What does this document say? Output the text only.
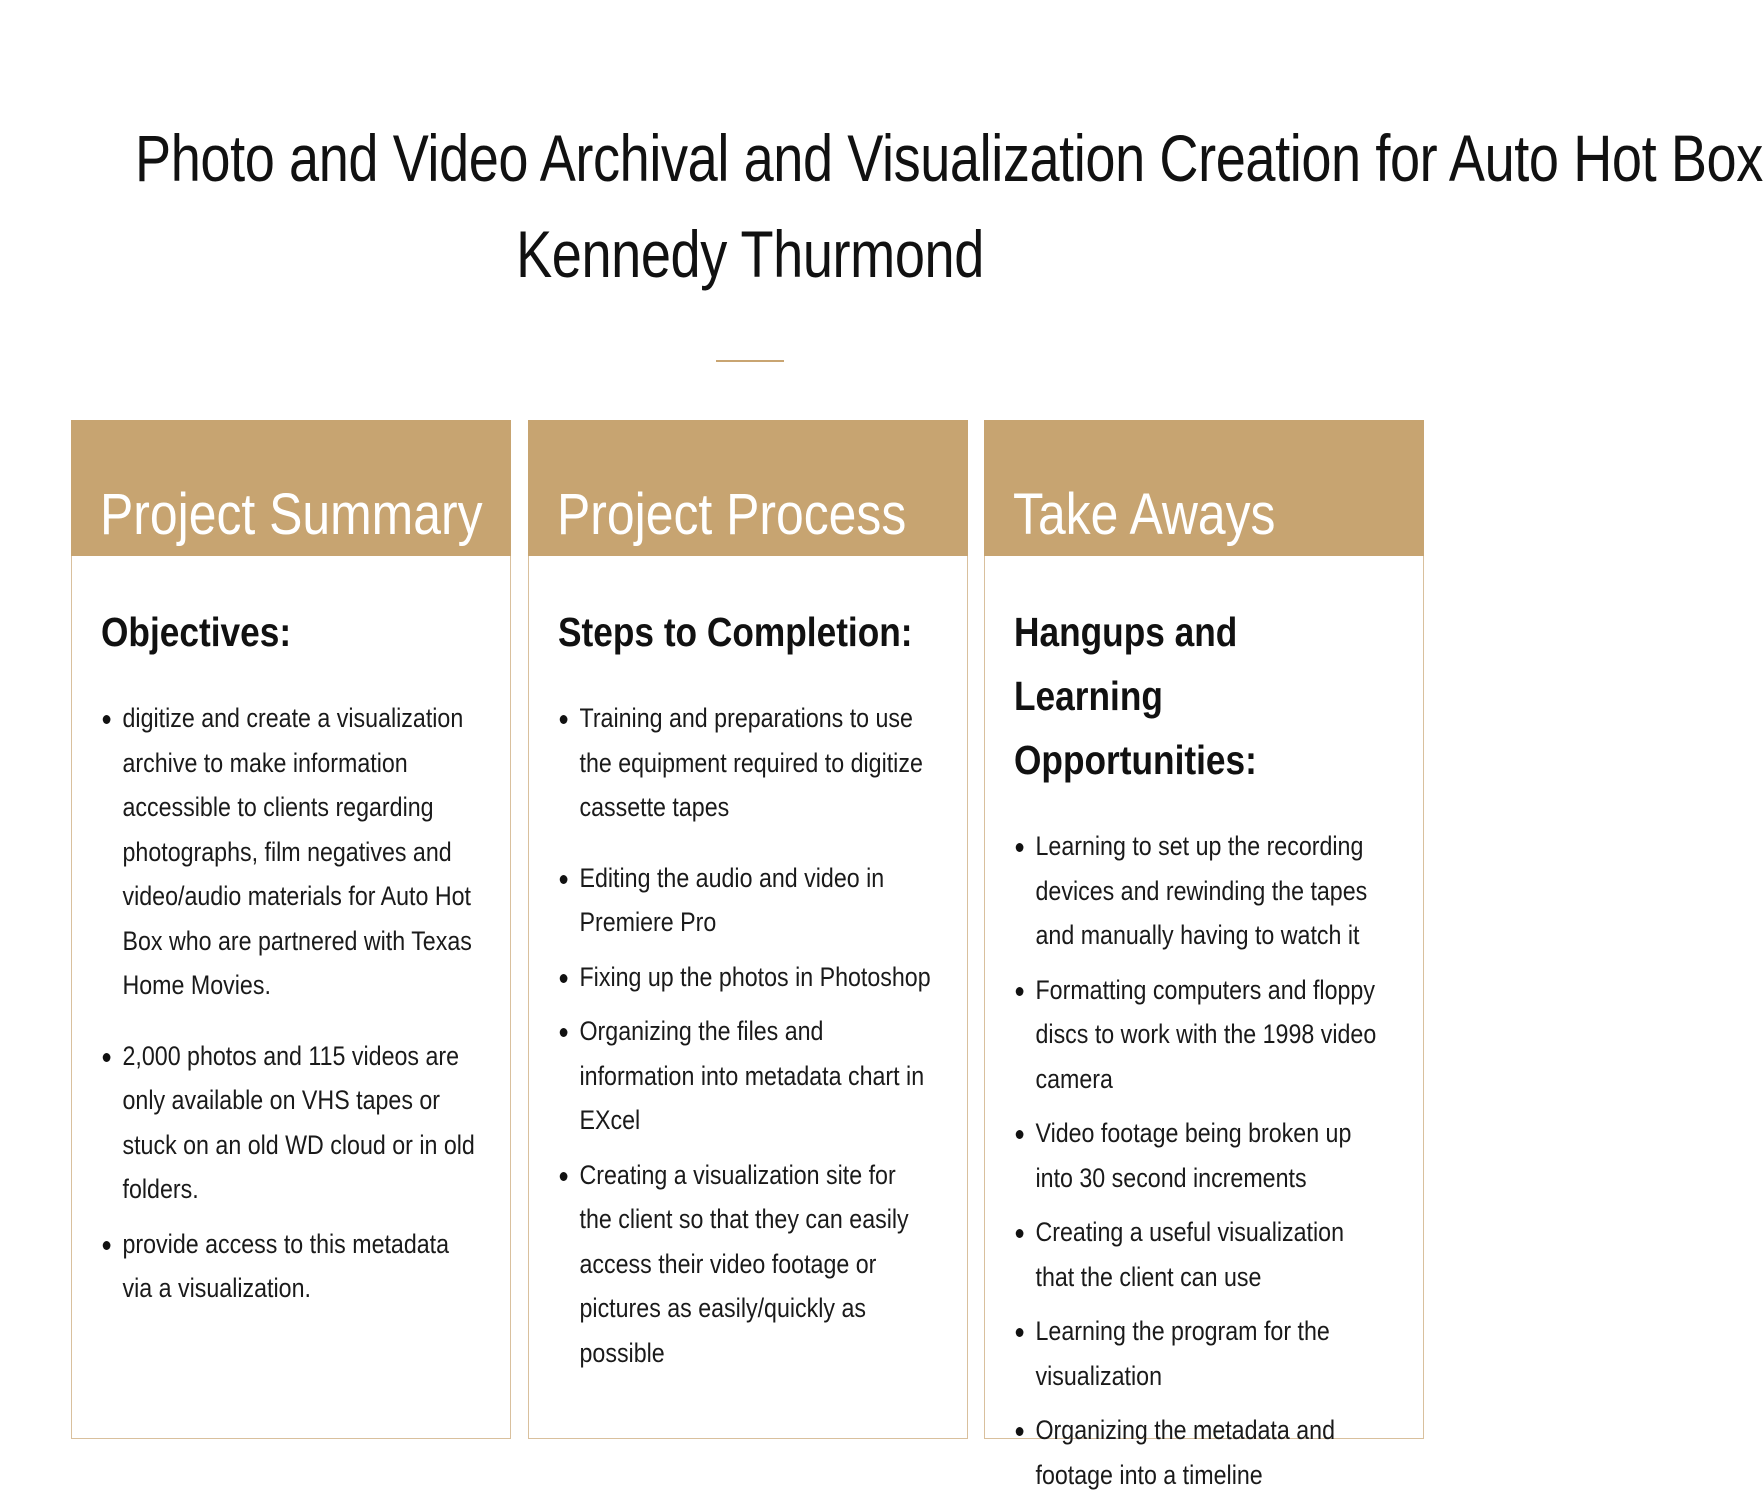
Photo and Video Archival and Visualization Creation for Auto Hot Box
Kennedy Thurmond
Project Summary
Objectives:
digitize and create a visualization archive to make information accessible to clients regarding photographs, film negatives and video/audio materials for Auto Hot Box who are partnered with Texas Home Movies.
2,000 photos and 115 videos are only available on VHS tapes or stuck on an old WD cloud or in old folders.
provide access to this metadata via a visualization.
Project Process
Steps to Completion:
Training and preparations to use the equipment required to digitize cassette tapes
Editing the audio and video in Premiere Pro
Fixing up the photos in Photoshop
Organizing the files and information into metadata chart in EXcel
Creating a visualization site for the client so that they can easily access their video footage or pictures as easily/quickly as possible
Take Aways
Hangups and Learning Opportunities:
Learning to set up the recording devices and rewinding the tapes and manually having to watch it
Formatting computers and floppy discs to work with the 1998 video camera
Video footage being broken up into 30 second increments
Creating a useful visualization that the client can use
Learning the program for the visualization
Organizing the metadata and footage into a timeline
